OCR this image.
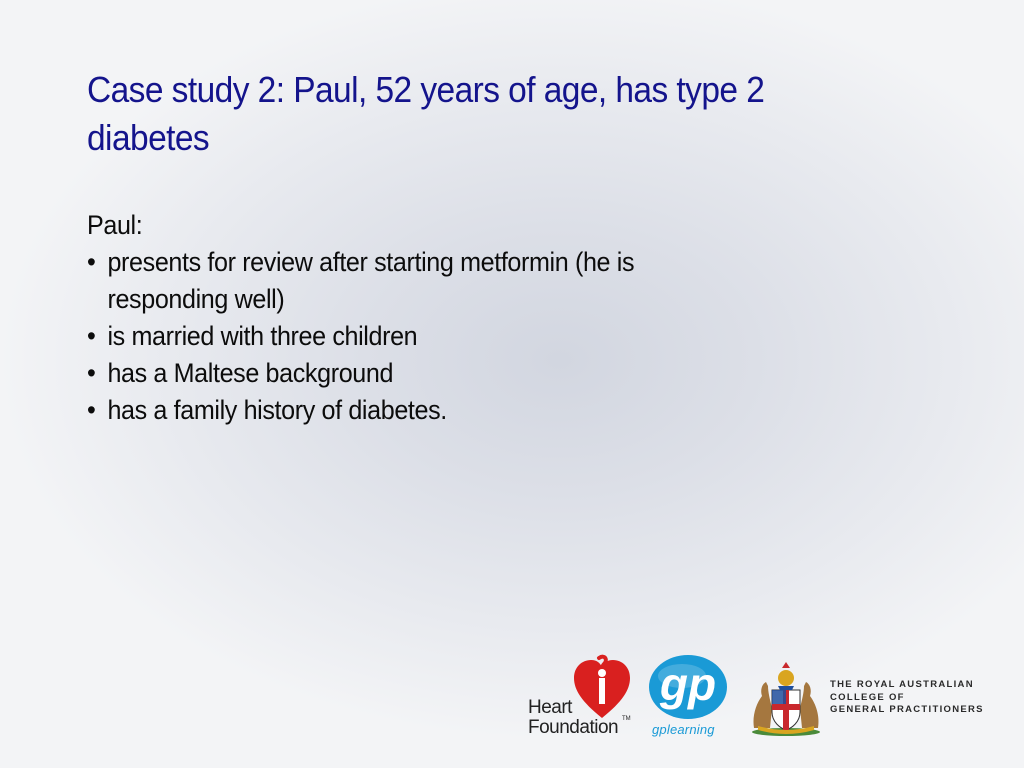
Case study 2: Paul, 52 years of age, has type 2 diabetes

Paul:

• presents for review after starting metformin (he is responding well)
• is married with three children
• has a Maltese background
• has a family history of diabetes.
Heart
Foundation TM
gp
gplearning
THE ROYAL AUSTRALIAN
COLLEGE OF
GENERAL PRACTITIONERS
